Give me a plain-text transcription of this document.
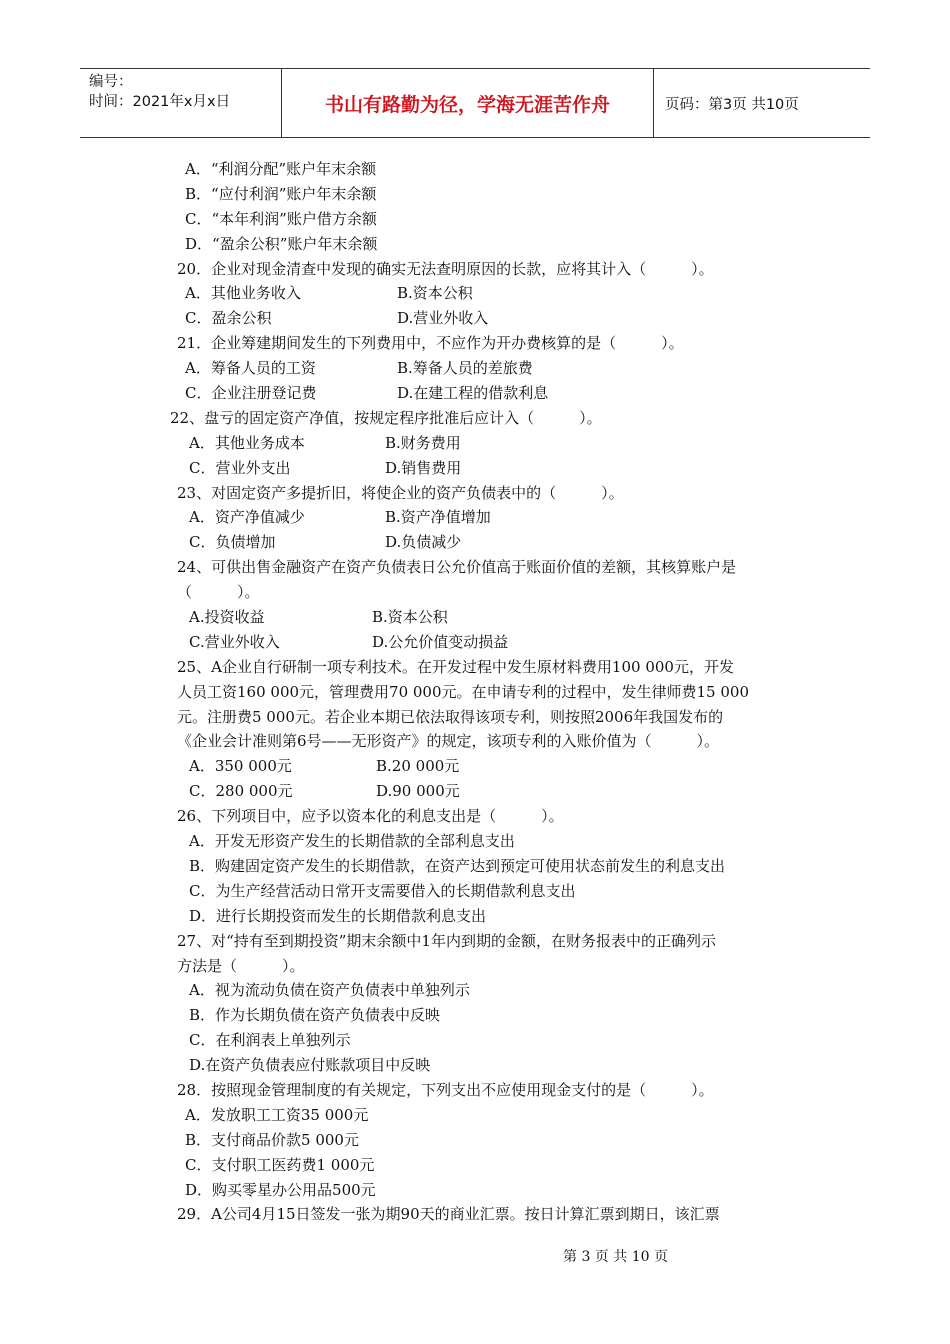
编号：
时间：2021年x月x日	书山有路勤为径，学海无涯苦作舟	页码：第3页 共10页
A．“利润分配”账户年末余额
B．“应付利润”账户年末余额
C．“本年利润”账户借方余额
D．“盈余公积”账户年末余额
20．企业对现金清查中发现的确实无法查明原因的长款，应将其计入（　　　）。
A．其他业务收入	B.资本公积
C．盈余公积	D.营业外收入
21．企业筹建期间发生的下列费用中，不应作为开办费核算的是（　　　）。
A．筹备人员的工资	B.筹备人员的差旅费
C．企业注册登记费	D.在建工程的借款利息
22、盘亏的固定资产净值，按规定程序批准后应计入（　　　）。
A．其他业务成本	B.财务费用
C．营业外支出	D.销售费用
23、对固定资产多提折旧，将使企业的资产负债表中的（　　　）。
A．资产净值减少	B.资产净值增加
C．负债增加	D.负债减少
24、可供出售金融资产在资产负债表日公允价值高于账面价值的差额，其核算账户是
（　　　）。
A.投资收益	B.资本公积
C.营业外收入	D.公允价值变动损益
25、A企业自行研制一项专利技术。在开发过程中发生原材料费用100 000元，开发
人员工资160 000元，管理费用70 000元。在申请专利的过程中，发生律师费15 000
元。注册费5 000元。若企业本期已依法取得该项专利，则按照2006年我国发布的
《企业会计准则第6号——无形资产》的规定，该项专利的入账价值为（　　　）。
A．350 000元	B.20 000元
C．280 000元	D.90 000元
26、下列项目中，应予以资本化的利息支出是（　　　）。
A．开发无形资产发生的长期借款的全部利息支出
B．购建固定资产发生的长期借款，在资产达到预定可使用状态前发生的利息支出
C．为生产经营活动日常开支需要借入的长期借款利息支出
D．进行长期投资而发生的长期借款利息支出
27、对“持有至到期投资”期末余额中1年内到期的金额，在财务报表中的正确列示
方法是（　　　）。
A．视为流动负债在资产负债表中单独列示
B．作为长期负债在资产负债表中反映
C．在利润表上单独列示
D.在资产负债表应付账款项目中反映
28．按照现金管理制度的有关规定，下列支出不应使用现金支付的是（　　　）。
A．发放职工工资35 000元
B．支付商品价款5 000元
C．支付职工医药费1 000元
D．购买零星办公用品500元
29．A公司4月15日签发一张为期90天的商业汇票。按日计算汇票到期日，该汇票
第 3 页 共 10 页
